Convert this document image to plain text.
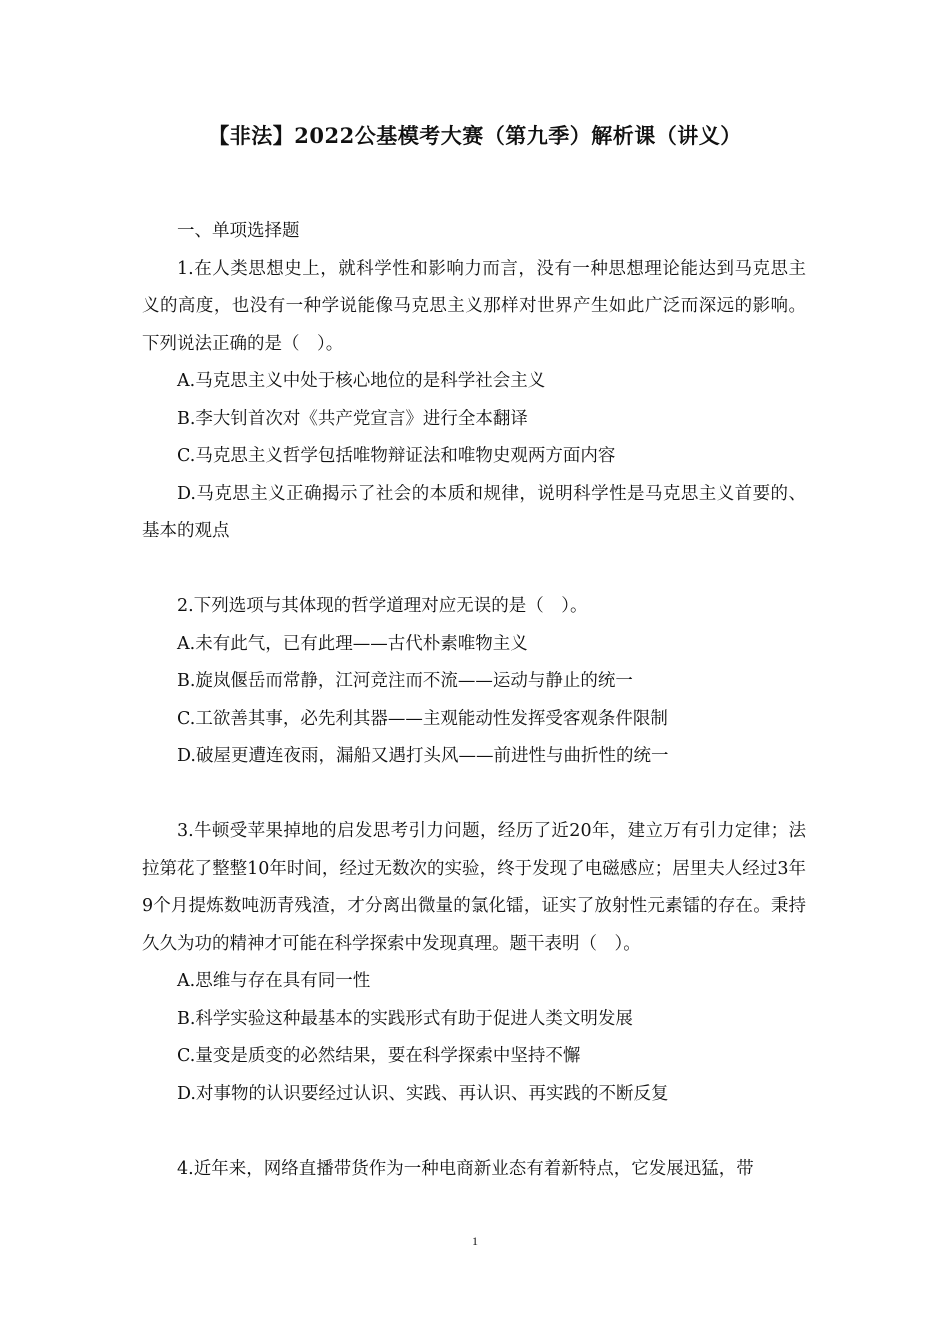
【非法】2022公基模考大赛（第九季）解析课（讲义）

一、单项选择题

1.在人类思想史上，就科学性和影响力而言，没有一种思想理论能达到马克思主义的高度，也没有一种学说能像马克思主义那样对世界产生如此广泛而深远的影响。下列说法正确的是（　）。

A.马克思主义中处于核心地位的是科学社会主义

B.李大钊首次对《共产党宣言》进行全本翻译

C.马克思主义哲学包括唯物辩证法和唯物史观两方面内容

D.马克思主义正确揭示了社会的本质和规律，说明科学性是马克思主义首要的、基本的观点

2.下列选项与其体现的哲学道理对应无误的是（　）。

A.未有此气，已有此理——古代朴素唯物主义

B.旋岚偃岳而常静，江河竞注而不流——运动与静止的统一

C.工欲善其事，必先利其器——主观能动性发挥受客观条件限制

D.破屋更遭连夜雨，漏船又遇打头风——前进性与曲折性的统一

3.牛顿受苹果掉地的启发思考引力问题，经历了近20年，建立万有引力定律；法拉第花了整整10年时间，经过无数次的实验，终于发现了电磁感应；居里夫人经过3年9个月提炼数吨沥青残渣，才分离出微量的氯化镭，证实了放射性元素镭的存在。秉持久久为功的精神才可能在科学探索中发现真理。题干表明（　）。

A.思维与存在具有同一性

B.科学实验这种最基本的实践形式有助于促进人类文明发展

C.量变是质变的必然结果，要在科学探索中坚持不懈

D.对事物的认识要经过认识、实践、再认识、再实践的不断反复

4.近年来，网络直播带货作为一种电商新业态有着新特点，它发展迅猛，带

1
